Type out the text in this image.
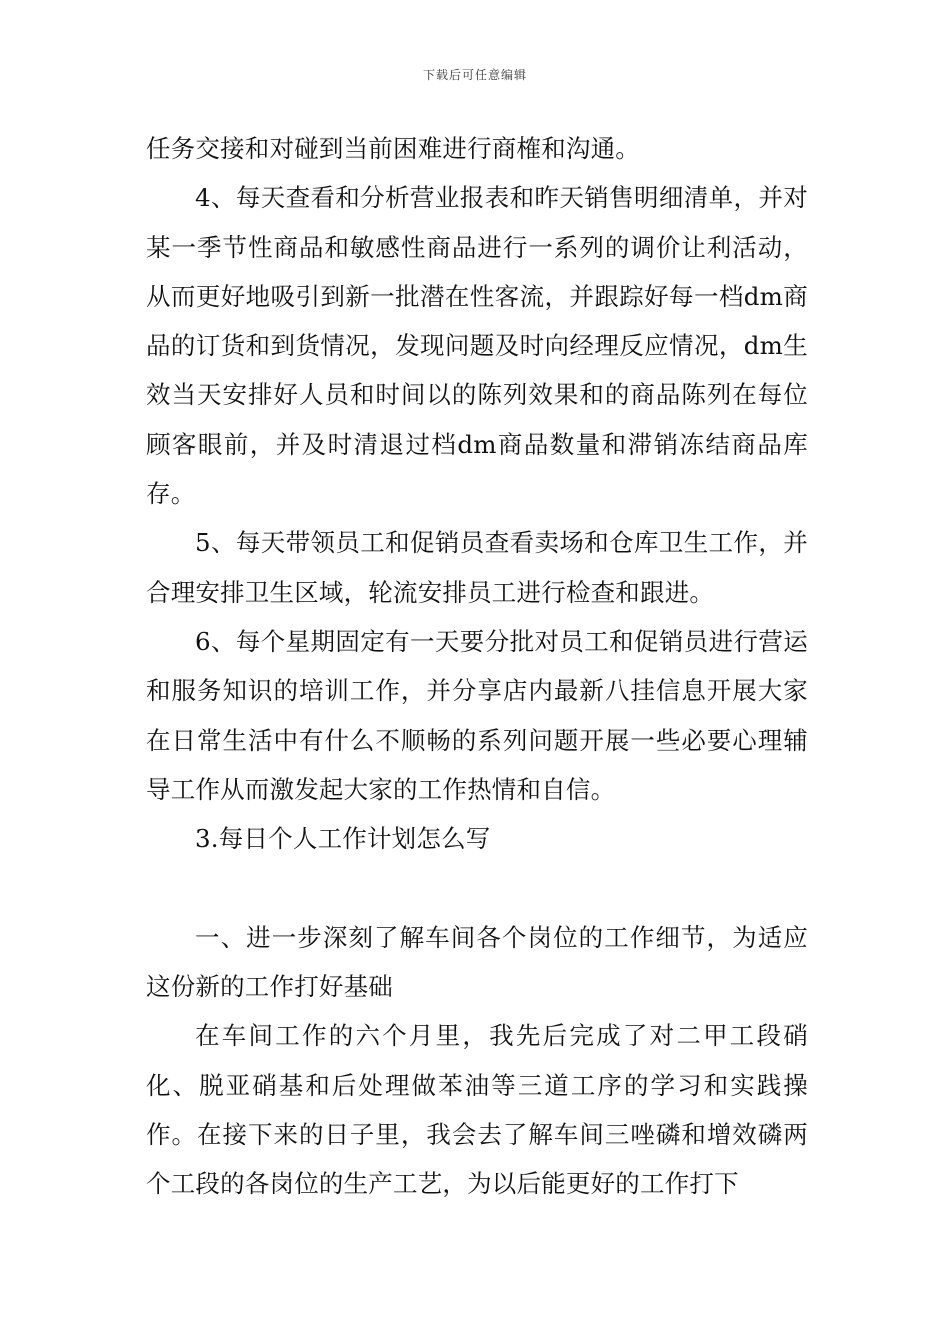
下载后可任意编辑

任务交接和对碰到当前困难进行商榷和沟通。

4、每天查看和分析营业报表和昨天销售明细清单，并对某一季节性商品和敏感性商品进行一系列的调价让利活动，从而更好地吸引到新一批潜在性客流，并跟踪好每一档dm商品的订货和到货情况，发现问题及时向经理反应情况，dm生效当天安排好人员和时间以的陈列效果和的商品陈列在每位顾客眼前，并及时清退过档dm商品数量和滞销冻结商品库存。

5、每天带领员工和促销员查看卖场和仓库卫生工作，并合理安排卫生区域，轮流安排员工进行检查和跟进。

6、每个星期固定有一天要分批对员工和促销员进行营运和服务知识的培训工作，并分享店内最新八挂信息开展大家在日常生活中有什么不顺畅的系列问题开展一些必要心理辅导工作从而激发起大家的工作热情和自信。

3.每日个人工作计划怎么写

一、进一步深刻了解车间各个岗位的工作细节，为适应这份新的工作打好基础

在车间工作的六个月里，我先后完成了对二甲工段硝化、脱亚硝基和后处理做苯油等三道工序的学习和实践操作。在接下来的日子里，我会去了解车间三唑磷和增效磷两个工段的各岗位的生产工艺，为以后能更好的工作打下
